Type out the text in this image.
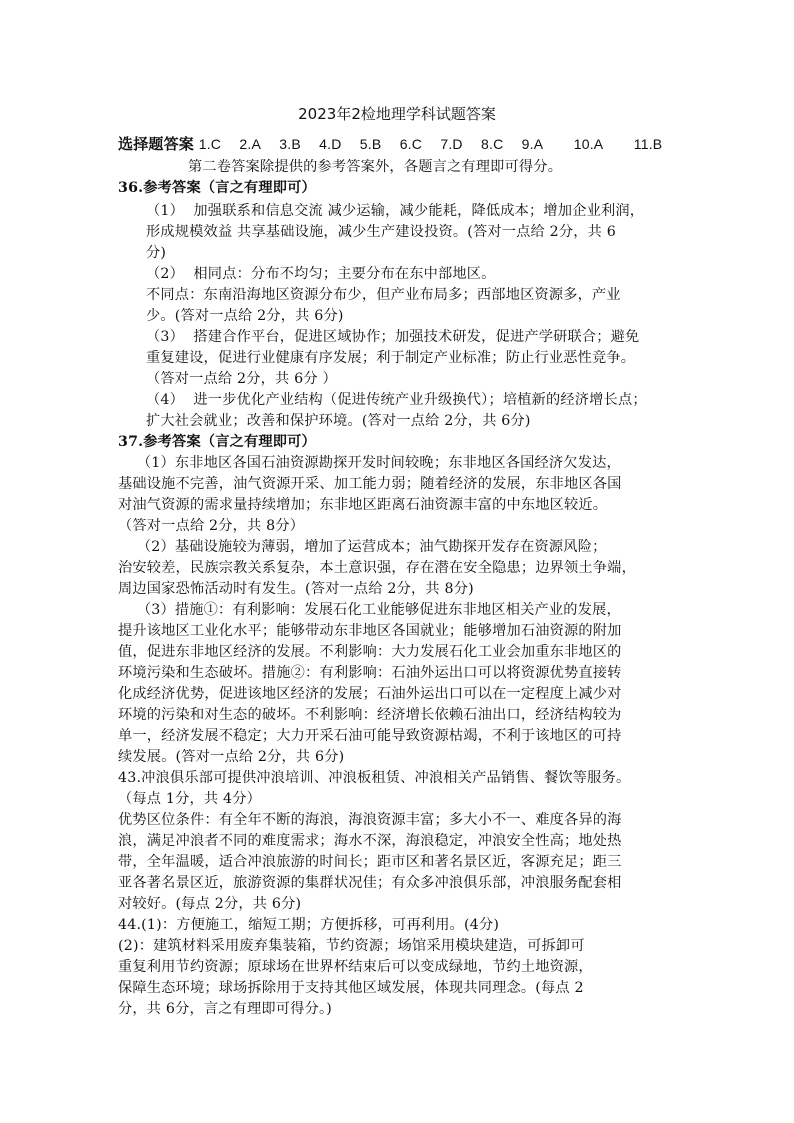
2023年2检地理学科试题答案
选择题答案 1.C   2.A   3.B   4.D   5.B   6.C   7.D   8.C   9.A     10.A     11.B
第二卷答案除提供的参考答案外，各题言之有理即可得分。
36.参考答案（言之有理即可）
（1）  加强联系和信息交流 减少运输，减少能耗，降低成本；增加企业利润，
形成规模效益 共享基础设施，减少生产建设投资。(答对一点给 2分，共 6
分)
（2）  相同点：分布不均匀；主要分布在东中部地区。
不同点：东南沿海地区资源分布少，但产业布局多；西部地区资源多，产业
少。(答对一点给 2分，共 6分)
（3）  搭建合作平台，促进区域协作；加强技术研发，促进产学研联合；避免
重复建设，促进行业健康有序发展；利于制定产业标准；防止行业恶性竞争。
（答对一点给 2分，共 6分 ）
（4）  进一步优化产业结构（促进传统产业升级换代）；培植新的经济增长点；
扩大社会就业；改善和保护环境。(答对一点给 2分，共 6分)
37.参考答案（言之有理即可）
（1）东非地区各国石油资源勘探开发时间较晚；东非地区各国经济欠发达，
基础设施不完善，油气资源开采、加工能力弱；随着经济的发展，东非地区各国
对油气资源的需求量持续增加；东非地区距离石油资源丰富的中东地区较近。
（答对一点给 2分，共 8分）
（2）基础设施较为薄弱，增加了运营成本；油气勘探开发存在资源风险；
治安较差，民族宗教关系复杂，本土意识强，存在潜在安全隐患；边界领土争端，
周边国家恐怖活动时有发生。(答对一点给 2分，共 8分)
（3）措施①：有利影响：发展石化工业能够促进东非地区相关产业的发展，
提升该地区工业化水平；能够带动东非地区各国就业；能够增加石油资源的附加
值，促进东非地区经济的发展。不利影响：大力发展石化工业会加重东非地区的
环境污染和生态破坏。措施②：有利影响：石油外运出口可以将资源优势直接转
化成经济优势，促进该地区经济的发展；石油外运出口可以在一定程度上减少对
环境的污染和对生态的破坏。不利影响：经济增长依赖石油出口，经济结构较为
单一，经济发展不稳定；大力开采石油可能导致资源枯竭，不利于该地区的可持
续发展。(答对一点给 2分，共 6分)
43.冲浪俱乐部可提供冲浪培训、冲浪板租赁、冲浪相关产品销售、餐饮等服务。
（每点 1分，共 4分）
优势区位条件：有全年不断的海浪，海浪资源丰富；多大小不一、难度各异的海
浪，满足冲浪者不同的难度需求；海水不深，海浪稳定，冲浪安全性高；地处热
带，全年温暖，适合冲浪旅游的时间长；距市区和著名景区近，客源充足；距三
亚各著名景区近，旅游资源的集群状况佳；有众多冲浪俱乐部，冲浪服务配套相
对较好。(每点 2分，共 6分)
44.(1)：方便施工，缩短工期；方便拆移，可再利用。(4分)
(2)：建筑材料采用废弃集装箱，节约资源；场馆采用模块建造，可拆卸可
重复利用节约资源；原球场在世界杯结束后可以变成绿地，节约土地资源，
保障生态环境；球场拆除用于支持其他区域发展，体现共同理念。(每点 2
分，共 6分，言之有理即可得分。)
